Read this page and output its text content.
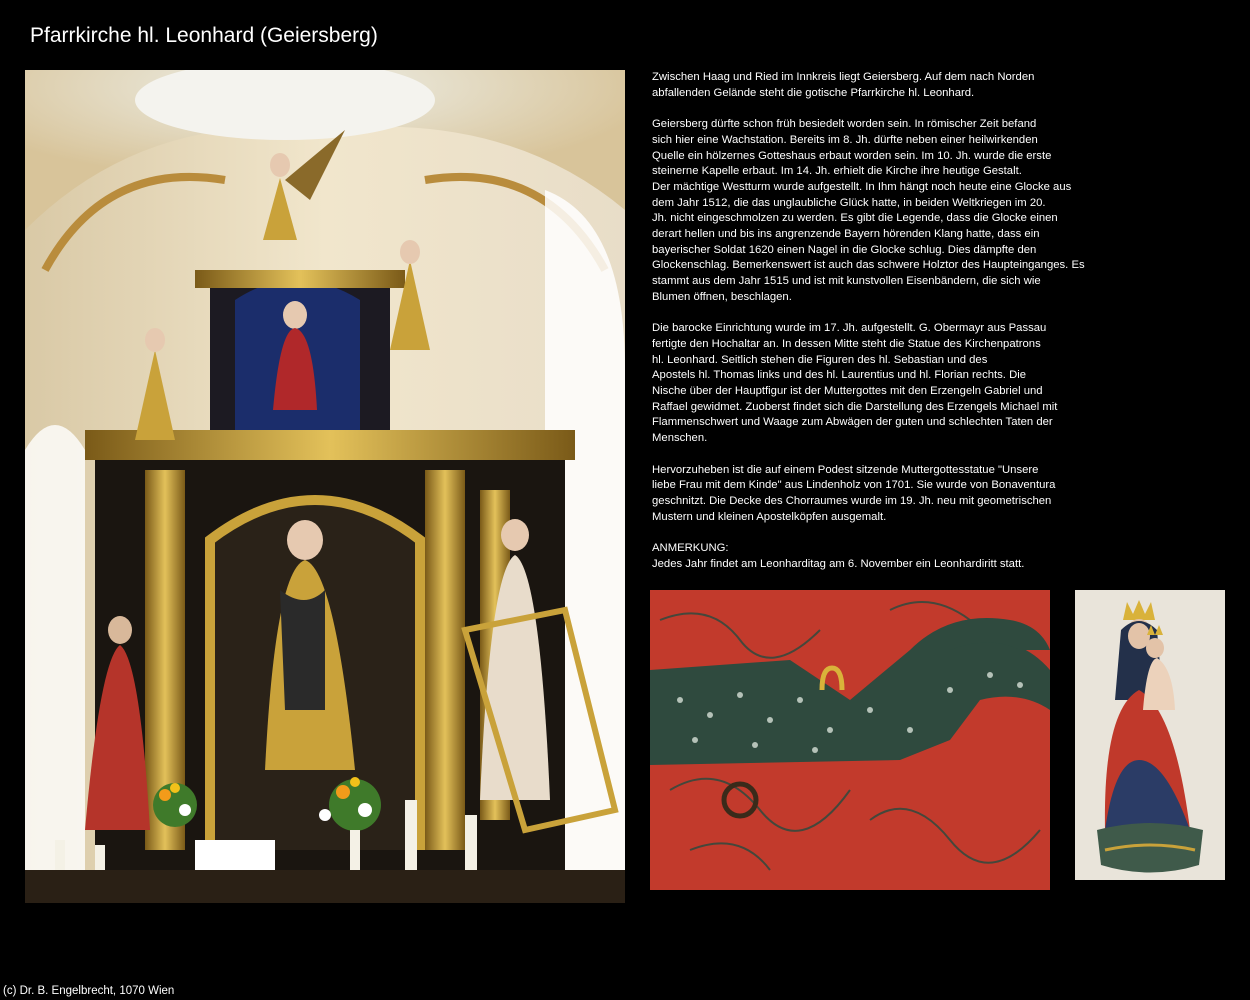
Pfarrkirche hl. Leonhard (Geiersberg)

Zwischen Haag und Ried im Innkreis liegt Geiersberg. Auf dem nach Norden
abfallenden Gelände steht die gotische Pfarrkirche hl. Leonhard.

Geiersberg dürfte schon früh besiedelt worden sein. In römischer Zeit befand
sich hier eine Wachstation. Bereits im 8. Jh. dürfte neben einer heilwirkenden
Quelle ein hölzernes Gotteshaus erbaut worden sein. Im 10. Jh. wurde die erste
steinerne Kapelle erbaut. Im 14. Jh. erhielt die Kirche ihre heutige Gestalt.
Der mächtige Westturm wurde aufgestellt. In Ihm hängt noch heute eine Glocke aus
dem Jahr 1512, die das unglaubliche Glück hatte, in beiden Weltkriegen im 20.
Jh. nicht eingeschmolzen zu werden. Es gibt die Legende, dass die Glocke einen
derart hellen und bis ins angrenzende Bayern hörenden Klang hatte, dass ein
bayerischer Soldat 1620 einen Nagel in die Glocke schlug. Dies dämpfte den
Glockenschlag. Bemerkenswert ist auch das schwere Holztor des Haupteinganges. Es
stammt aus dem Jahr 1515 und ist mit kunstvollen Eisenbändern, die sich wie
Blumen öffnen, beschlagen.

Die barocke Einrichtung wurde im 17. Jh. aufgestellt. G. Obermayr aus Passau
fertigte den Hochaltar an. In dessen Mitte steht die Statue des Kirchenpatrons
hl. Leonhard. Seitlich stehen die Figuren des hl. Sebastian und des
Apostels hl. Thomas links und des hl. Laurentius und hl. Florian rechts. Die
Nische über der Hauptfigur ist der Muttergottes mit den Erzengeln Gabriel und
Raffael gewidmet. Zuoberst findet sich die Darstellung des Erzengels Michael mit
Flammenschwert und Waage zum Abwägen der guten und schlechten Taten der
Menschen.

Hervorzuheben ist die auf einem Podest sitzende Muttergottesstatue "Unsere
liebe Frau mit dem Kinde" aus Lindenholz von 1701. Sie wurde von Bonaventura
geschnitzt. Die Decke des Chorraumes wurde im 19. Jh. neu mit geometrischen
Mustern und kleinen Apostelköpfen ausgemalt.

ANMERKUNG:
Jedes Jahr findet am Leonharditag am 6. November ein Leonhardiritt statt.

(c) Dr. B. Engelbrecht, 1070 Wien
